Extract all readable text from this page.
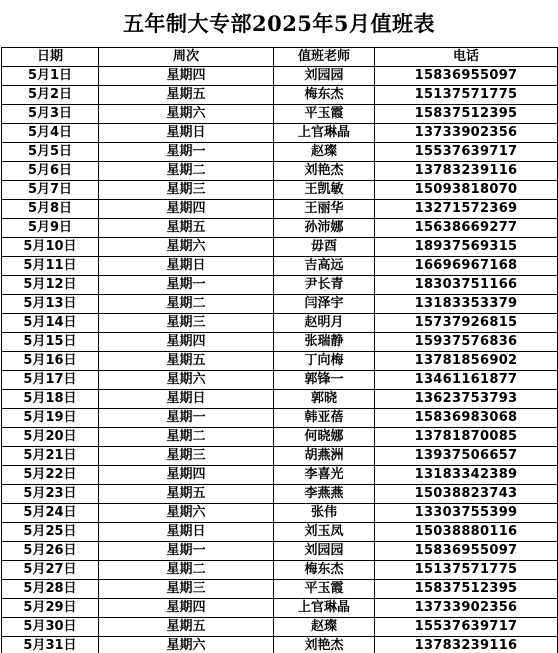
五年制大专部2025年5月值班表
日期	周次	值班老师	电话
5月1日	星期四	刘园园	15836955097
5月2日	星期五	梅东杰	15137571775
5月3日	星期六	平玉霞	15837512395
5月4日	星期日	上官琳晶	13733902356
5月5日	星期一	赵璨	15537639717
5月6日	星期二	刘艳杰	13783239116
5月7日	星期三	王凯敏	15093818070
5月8日	星期四	王丽华	13271572369
5月9日	星期五	孙沛娜	15638669277
5月10日	星期六	毋酉	18937569315
5月11日	星期日	吉高远	16696967168
5月12日	星期一	尹长青	18303751166
5月13日	星期二	闫泽宇	13183353379
5月14日	星期三	赵明月	15737926815
5月15日	星期四	张瑞静	15937576836
5月16日	星期五	丁向梅	13781856902
5月17日	星期六	郭锋一	13461161877
5月18日	星期日	郭晓	13623753793
5月19日	星期一	韩亚蓓	15836983068
5月20日	星期二	何晓娜	13781870085
5月21日	星期三	胡燕洲	13937506657
5月22日	星期四	李喜光	13183342389
5月23日	星期五	李燕燕	15038823743
5月24日	星期六	张伟	13303755399
5月25日	星期日	刘玉凤	15038880116
5月26日	星期一	刘园园	15836955097
5月27日	星期二	梅东杰	15137571775
5月28日	星期三	平玉霞	15837512395
5月29日	星期四	上官琳晶	13733902356
5月30日	星期五	赵璨	15537639717
5月31日	星期六	刘艳杰	13783239116
